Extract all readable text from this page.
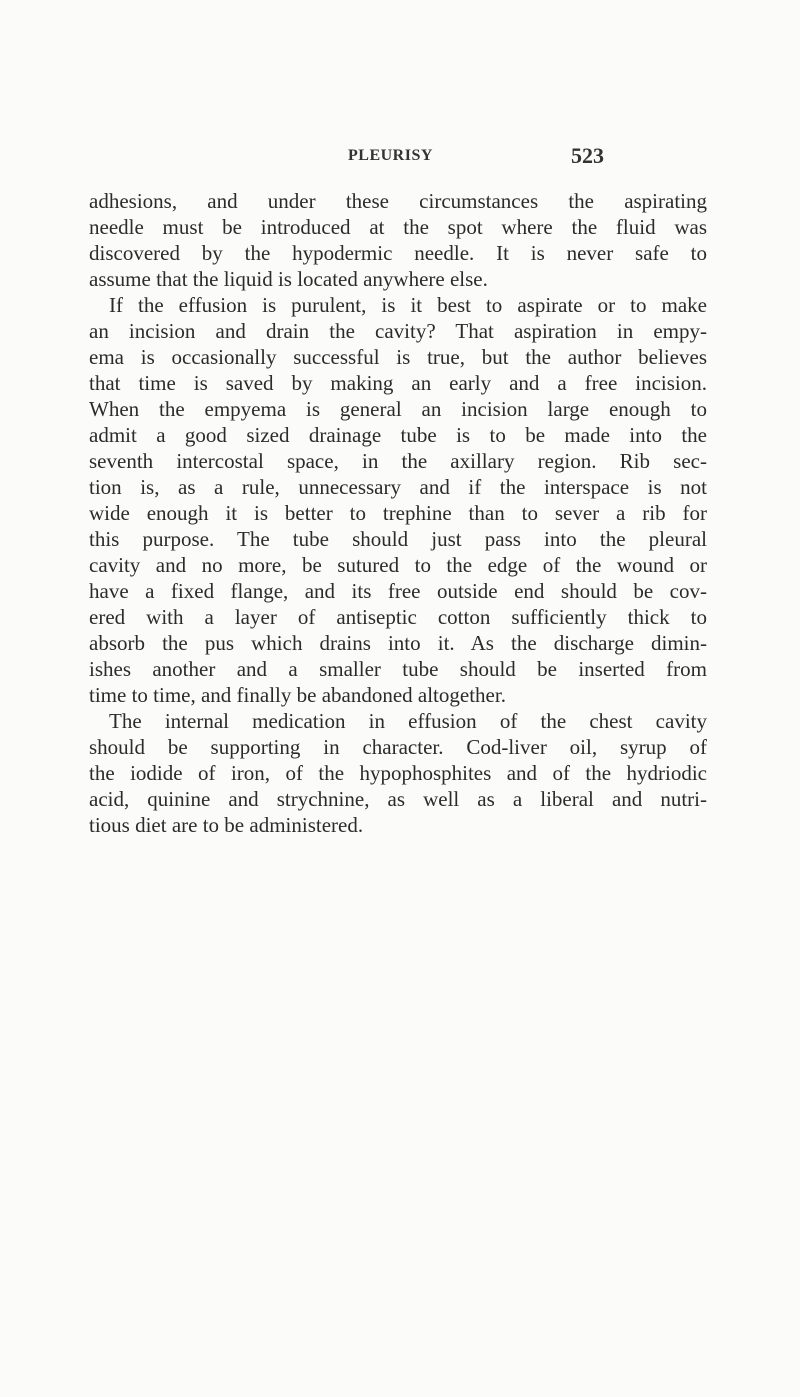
PLEURISY	523
adhesions, and under these circumstances the aspirating
needle must be introduced at the spot where the fluid was
discovered by the hypodermic needle. It is never safe to
assume that the liquid is located anywhere else.
If the effusion is purulent, is it best to aspirate or to make
an incision and drain the cavity? That aspiration in empy-
ema is occasionally successful is true, but the author believes
that time is saved by making an early and a free incision.
When the empyema is general an incision large enough to
admit a good sized drainage tube is to be made into the
seventh intercostal space, in the axillary region. Rib sec-
tion is, as a rule, unnecessary and if the interspace is not
wide enough it is better to trephine than to sever a rib for
this purpose. The tube should just pass into the pleural
cavity and no more, be sutured to the edge of the wound or
have a fixed flange, and its free outside end should be cov-
ered with a layer of antiseptic cotton sufficiently thick to
absorb the pus which drains into it. As the discharge dimin-
ishes another and a smaller tube should be inserted from
time to time, and finally be abandoned altogether.
The internal medication in effusion of the chest cavity
should be supporting in character. Cod-liver oil, syrup of
the iodide of iron, of the hypophosphites and of the hydriodic
acid, quinine and strychnine, as well as a liberal and nutri-
tious diet are to be administered.
